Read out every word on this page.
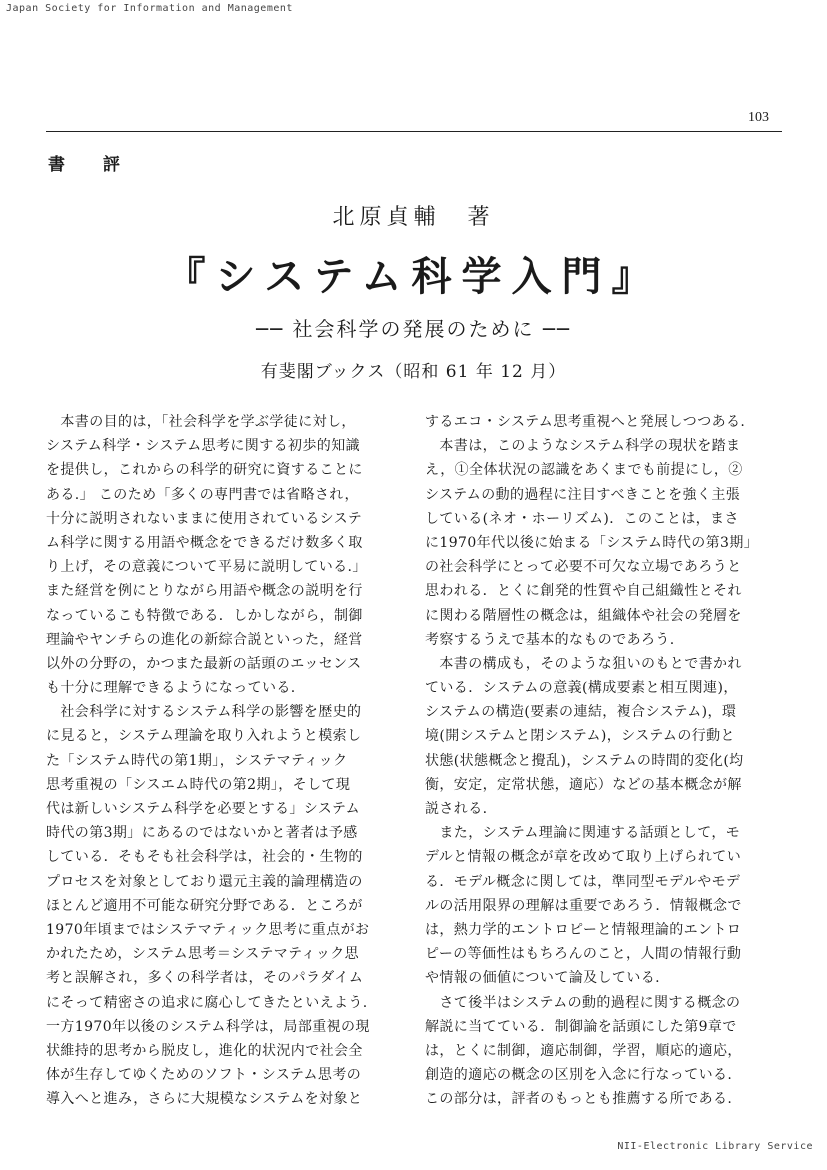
Japan Society for Information and Management
103
書 評
北原貞輔　著
『システム科学入門』
── 社会科学の発展のために ──
有斐閣ブックス（昭和 61 年 12 月）
　本書の目的は，「社会科学を学ぶ学徒に対し，
システム科学・システム思考に関する初歩的知識
を提供し，これからの科学的研究に資することに
ある.」 このため「多くの専門書では省略され，
十分に説明されないままに使用されているシステ
ム科学に関する用語や概念をできるだけ数多く取
り上げ，その意義について平易に説明している.」
また経営を例にとりながら用語や概念の説明を行
なっているこも特徴である．しかしながら，制御
理論やヤンチらの進化の新綜合説といった，経営
以外の分野の，かつまた最新の話頭のエッセンス
も十分に理解できるようになっている.
　社会科学に対するシステム科学の影響を歴史的
に見ると，システム理論を取り入れようと模索し
た「システム時代の第1期」，システマティック
思考重視の「シスエム時代の第2期」，そして現
代は新しいシステム科学を必要とする」システム
時代の第3期」にあるのではないかと著者は予感
している．そもそも社会科学は，社会的・生物的
プロセスを対象としており還元主義的論理構造の
ほとんど適用不可能な研究分野である．ところが
1970年頃まではシステマティック思考に重点がお
かれたため，システム思考＝システマティック思
考と誤解され，多くの科学者は，そのパラダイム
にそって精密さの追求に腐心してきたといえよう.
一方1970年以後のシステム科学は，局部重視の現
状維持的思考から脱皮し，進化的状況内で社会全
体が生存してゆくためのソフト・システム思考の
導入へと進み，さらに大規模なシステムを対象と
するエコ・システム思考重視へと発展しつつある.
　本書は，このようなシステム科学の現状を踏ま
え，①全体状況の認識をあくまでも前提にし，②
システムの動的過程に注目すべきことを強く主張
している(ネオ・ホーリズム)．このことは，まさ
に1970年代以後に始まる「システム時代の第3期」
の社会科学にとって必要不可欠な立場であろうと
思われる．とくに創発的性質や自己組織性とそれ
に関わる階層性の概念は，組織体や社会の発層を
考察するうえで基本的なものであろう.
　本書の構成も，そのような狙いのもとで書かれ
ている．システムの意義(構成要素と相互関連)，
システムの構造(要素の連結，複合システム)，環
境(開システムと閉システム)，システムの行動と
状態(状態概念と攪乱)，システムの時間的変化(均
衡，安定，定常状態，適応）などの基本概念が解
説される.
　また，システム理論に関連する話頭として，モ
デルと情報の概念が章を改めて取り上げられてい
る．モデル概念に関しては，準同型モデルやモデ
ルの活用限界の理解は重要であろう．情報概念で
は，熱力学的エントロピーと情報理論的エントロ
ピーの等価性はもちろんのこと，人間の情報行動
や情報の価値について論及している.
　さて後半はシステムの動的過程に関する概念の
解説に当てている．制御論を話頭にした第9章で
は，とくに制御，適応制御，学習，順応的適応，
創造的適応の概念の区別を入念に行なっている.
この部分は，評者のもっとも推薦する所である.
NII-Electronic Library Service
